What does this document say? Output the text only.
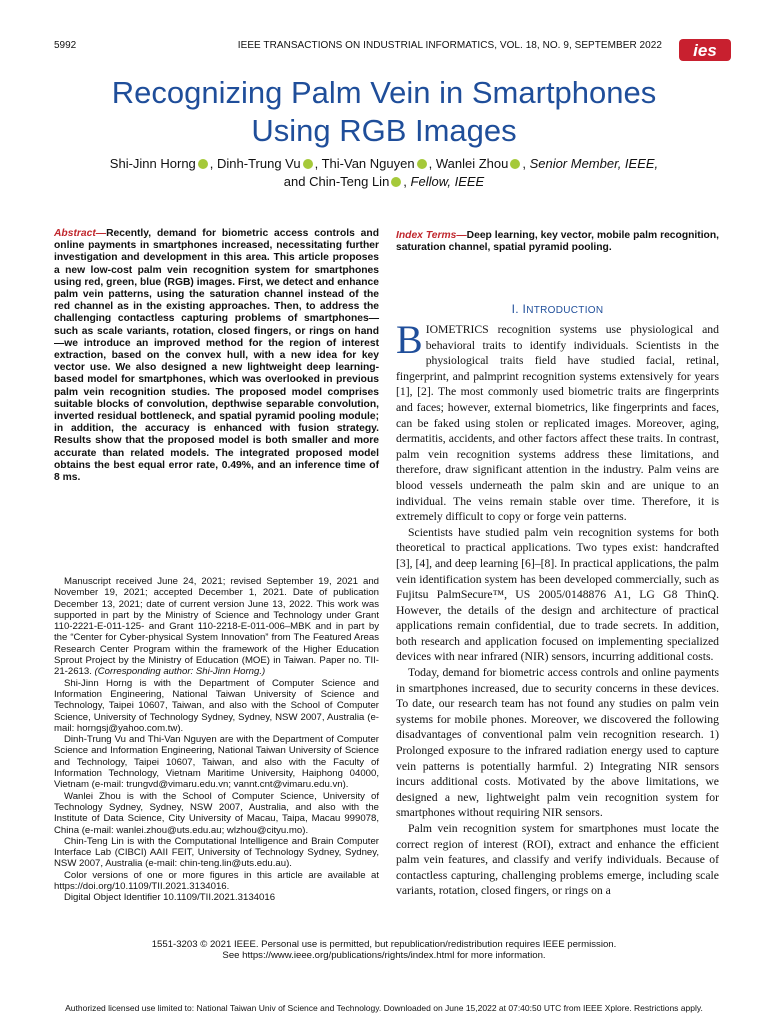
5992	IEEE TRANSACTIONS ON INDUSTRIAL INFORMATICS, VOL. 18, NO. 9, SEPTEMBER 2022 ies
Recognizing Palm Vein in Smartphones
Using RGB Images
Shi-Jinn Horng , Dinh-Trung Vu , Thi-Van Nguyen , Wanlei Zhou , Senior Member, IEEE,
and Chin-Teng Lin , Fellow, IEEE
Abstract—Recently, demand for biometric access controls and online payments in smartphones increased, necessitating further investigation and development in this area. This article proposes a new low-cost palm vein recognition system for smartphones using red, green, blue (RGB) images. First, we detect and enhance palm vein patterns, using the saturation channel instead of the red channel as in the existing approaches. Then, to address the challenging contactless capturing problems of smartphones—such as scale variants, rotation, closed fingers, or rings on hand—we introduce an improved method for the region of interest extraction, based on the convex hull, with a new idea for key vector use. We also designed a new lightweight deep learning-based model for smartphones, which was overlooked in previous palm vein recognition studies. The proposed model comprises suitable blocks of convolution, depthwise separable convolution, inverted residual bottleneck, and spatial pyramid pooling module; in addition, the accuracy is enhanced with fusion strategy. Results show that the proposed model is both smaller and more accurate than related models. The integrated proposed model obtains the best equal error rate, 0.49%, and an inference time of 8 ms.
Index Terms—Deep learning, key vector, mobile palm recognition, saturation channel, spatial pyramid pooling.
I. INTRODUCTION

BIOMETRICS recognition systems use physiological and behavioral traits to identify individuals. Scientists in the physiological traits field have studied facial, retinal, fingerprint, and palmprint recognition systems extensively for years [1], [2]. The most commonly used biometric traits are fingerprints and faces; however, external biometrics, like fingerprints and faces, can be faked using stolen or replicated images. Moreover, aging, dermatitis, accidents, and other factors affect these traits. In contrast, palm vein recognition systems address these limitations, and therefore, draw significant attention in the industry. Palm veins are blood vessels underneath the palm skin and are unique to an individual. The veins remain stable over time. Therefore, it is extremely difficult to copy or forge vein patterns.

Scientists have studied palm vein recognition systems for both theoretical to practical applications. Two types exist: handcrafted [3], [4], and deep learning [6]–[8]. In practical applications, the palm vein identification system has been developed commercially, such as Fujitsu PalmSecure™, US 2005/0148876 A1, LG G8 ThinQ. However, the details of the design and architecture of practical applications remain confidential, due to trade secrets. In addition, both research and application focused on implementing specialized devices with near infrared (NIR) sensors, incurring additional costs.

Today, demand for biometric access controls and online payments in smartphones increased, due to security concerns in these devices. To date, our research team has not found any studies on palm vein systems for mobile phones. Moreover, we discovered the following disadvantages of conventional palm vein recognition research. 1) Prolonged exposure to the infrared radiation energy used to capture vein patterns is potentially harmful. 2) Integrating NIR sensors incurs additional costs. Motivated by the above limitations, we designed a new, lightweight palm vein recognition system for smartphones without requiring NIR sensors.

Palm vein recognition system for smartphones must locate the correct region of interest (ROI), extract and enhance the efficient palm vein features, and classify and verify individuals. Because of contactless capturing, challenging problems emerge, including scale variants, rotation, closed fingers, or rings on a

Manuscript received June 24, 2021; revised September 19, 2021 and November 19, 2021; accepted December 1, 2021. Date of publication December 13, 2021; date of current version June 13, 2022. This work was supported in part by the Ministry of Science and Technology under Grant 110-2221-E-011-125- and Grant 110-2218-E-011-006–MBK and in part by the “Center for Cyber-physical System Innovation” from The Featured Areas Research Center Program within the framework of the Higher Education Sprout Project by the Ministry of Education (MOE) in Taiwan. Paper no. TII-21-2613. (Corresponding author: Shi-Jinn Horng.)

Shi-Jinn Horng is with the Department of Computer Science and Information Engineering, National Taiwan University of Science and Technology, Taipei 10607, Taiwan, and also with the School of Computer Science, University of Technology Sydney, Sydney, NSW 2007, Australia (e-mail: horngsj@yahoo.com.tw).

Dinh-Trung Vu and Thi-Van Nguyen are with the Department of Computer Science and Information Engineering, National Taiwan University of Science and Technology, Taipei 10607, Taiwan, and also with the Faculty of Information Technology, Vietnam Maritime University, Haiphong 04000, Vietnam (e-mail: trungvd@vimaru.edu.vn; vannt.cnt@vimaru.edu.vn).

Wanlei Zhou is with the School of Computer Science, University of Technology Sydney, Sydney, NSW 2007, Australia, and also with the Institute of Data Science, City University of Macau, Taipa, Macau 999078, China (e-mail: wanlei.zhou@uts.edu.au; wlzhou@cityu.mo).

Chin-Teng Lin is with the Computational Intelligence and Brain Computer Interface Lab (CIBCI) AAII FEIT, University of Technology Sydney, Sydney, NSW 2007, Australia (e-mail: chin-teng.lin@uts.edu.au).

Color versions of one or more figures in this article are available at https://doi.org/10.1109/TII.2021.3134016.

Digital Object Identifier 10.1109/TII.2021.3134016

1551-3203 © 2021 IEEE. Personal use is permitted, but republication/redistribution requires IEEE permission.
See https://www.ieee.org/publications/rights/index.html for more information.
Authorized licensed use limited to: National Taiwan Univ of Science and Technology. Downloaded on June 15,2022 at 07:40:50 UTC from IEEE Xplore. Restrictions apply.
